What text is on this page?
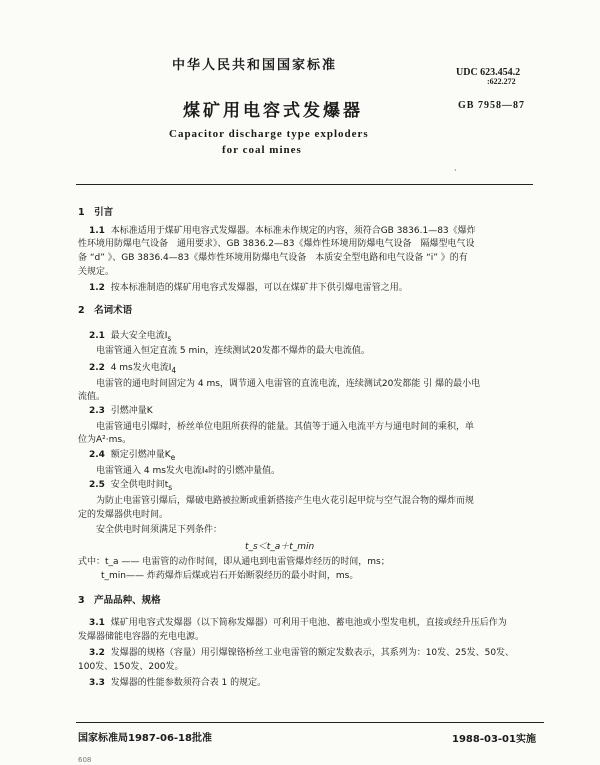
中华人民共和国国家标准	UDC 623.454.2
:622.272
煤矿用电容式发爆器	GB 7958—87
Capacitor discharge type exploders
for coal mines
·
1　引言
1.1 本标准适用于煤矿用电容式发爆器。本标准未作规定的内容，须符合GB 3836.1—83《爆炸
性环境用防爆电气设备　通用要求》、GB 3836.2—83《爆炸性环境用防爆电气设备　隔爆型电气设
备 “d” 》、GB 3836.4—83《爆炸性环境用防爆电气设备　本质安全型电路和电气设备 “i” 》的有
关规定。
1.2 按本标准制造的煤矿用电容式发爆器，可以在煤矿井下供引爆电雷管之用。
2　名词术语
2.1 最大安全电流$I_s$
电雷管通入恒定直流 5 min，连续测试20发都不爆炸的最大电流值。
2.2 4 ms发火电流$I_4$
电雷管的通电时间固定为 4 ms，调节通入电雷管的直流电流，连续测试20发都能 引 爆的最小电
流值。
2.3 引燃冲量K
电雷管通电引爆时，桥丝单位电阻所获得的能量。其值等于通入电流平方与通电时间的乘积，单
位为A²·ms。
2.4 额定引燃冲量$K_e$
电雷管通入 4 ms发火电流I₄时的引燃冲量值。
2.5 安全供电时间$t_s$
为防止电雷管引爆后，爆破电路被拉断或重新搭接产生电火花引起甲烷与空气混合物的爆炸而规
定的发爆器供电时间。
安全供电时间须满足下列条件：
t_s＜t_a＋t_min
式中：t_a —— 电雷管的动作时间，即从通电到电雷管爆炸经历的时间，ms；
t_min—— 炸药爆炸后煤或岩石开始断裂经历的最小时间，ms。
3　产品品种、规格
3.1 煤矿用电容式发爆器（以下简称发爆器）可利用干电池、蓄电池或小型发电机，直接或经升压后作为
发爆器储能电容器的充电电源。
3.2 发爆器的规格（容量）用引爆镍铬桥丝工业电雷管的额定发数表示，其系列为：10发、25发、50发、
100发、150发、200发。
3.3 发爆器的性能参数须符合表 1 的规定。
国家标准局1987-06-18批准	1988-03-01实施
608
